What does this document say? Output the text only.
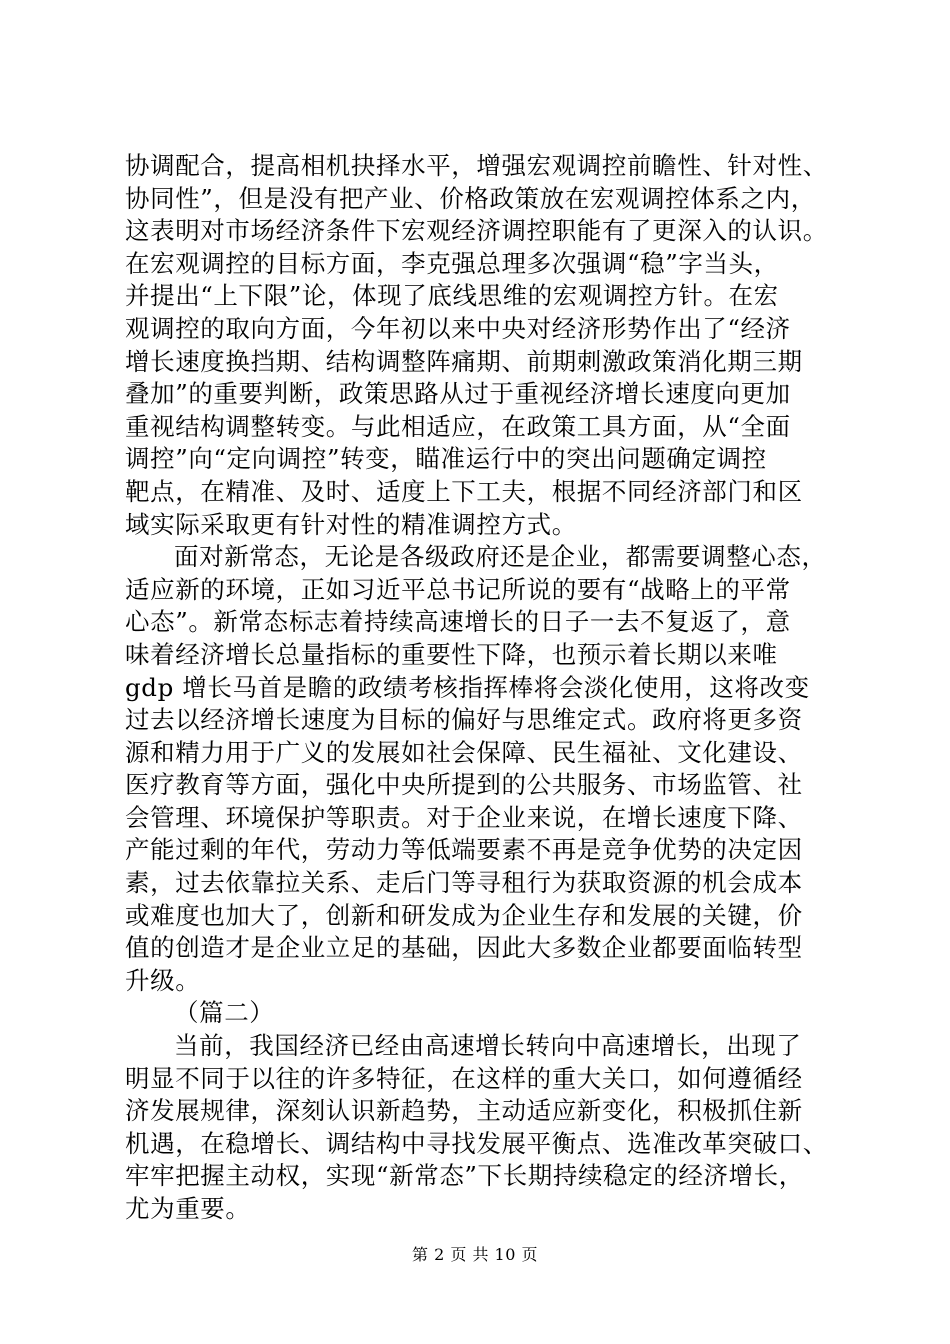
协调配合，提高相机抉择水平，增强宏观调控前瞻性、针对性、
协同性”，但是没有把产业、价格政策放在宏观调控体系之内，
这表明对市场经济条件下宏观经济调控职能有了更深入的认识。
在宏观调控的目标方面，李克强总理多次强调“稳”字当头，
并提出“上下限”论，体现了底线思维的宏观调控方针。在宏
观调控的取向方面，今年初以来中央对经济形势作出了“经济
增长速度换挡期、结构调整阵痛期、前期刺激政策消化期三期
叠加”的重要判断，政策思路从过于重视经济增长速度向更加
重视结构调整转变。与此相适应，在政策工具方面，从“全面
调控”向“定向调控”转变，瞄准运行中的突出问题确定调控
靶点，在精准、及时、适度上下工夫，根据不同经济部门和区
域实际采取更有针对性的精准调控方式。
面对新常态，无论是各级政府还是企业，都需要调整心态，
适应新的环境，正如习近平总书记所说的要有“战略上的平常
心态”。新常态标志着持续高速增长的日子一去不复返了，意
味着经济增长总量指标的重要性下降，也预示着长期以来唯
gdp 增长马首是瞻的政绩考核指挥棒将会淡化使用，这将改变
过去以经济增长速度为目标的偏好与思维定式。政府将更多资
源和精力用于广义的发展如社会保障、民生福祉、文化建设、
医疗教育等方面，强化中央所提到的公共服务、市场监管、社
会管理、环境保护等职责。对于企业来说，在增长速度下降、
产能过剩的年代，劳动力等低端要素不再是竞争优势的决定因
素，过去依靠拉关系、走后门等寻租行为获取资源的机会成本
或难度也加大了，创新和研发成为企业生存和发展的关键，价
值的创造才是企业立足的基础，因此大多数企业都要面临转型
升级。
（篇二）
当前，我国经济已经由高速增长转向中高速增长，出现了
明显不同于以往的许多特征，在这样的重大关口，如何遵循经
济发展规律，深刻认识新趋势，主动适应新变化，积极抓住新
机遇，在稳增长、调结构中寻找发展平衡点、选准改革突破口、
牢牢把握主动权，实现“新常态”下长期持续稳定的经济增长，
尤为重要。
第 2 页 共 10 页
